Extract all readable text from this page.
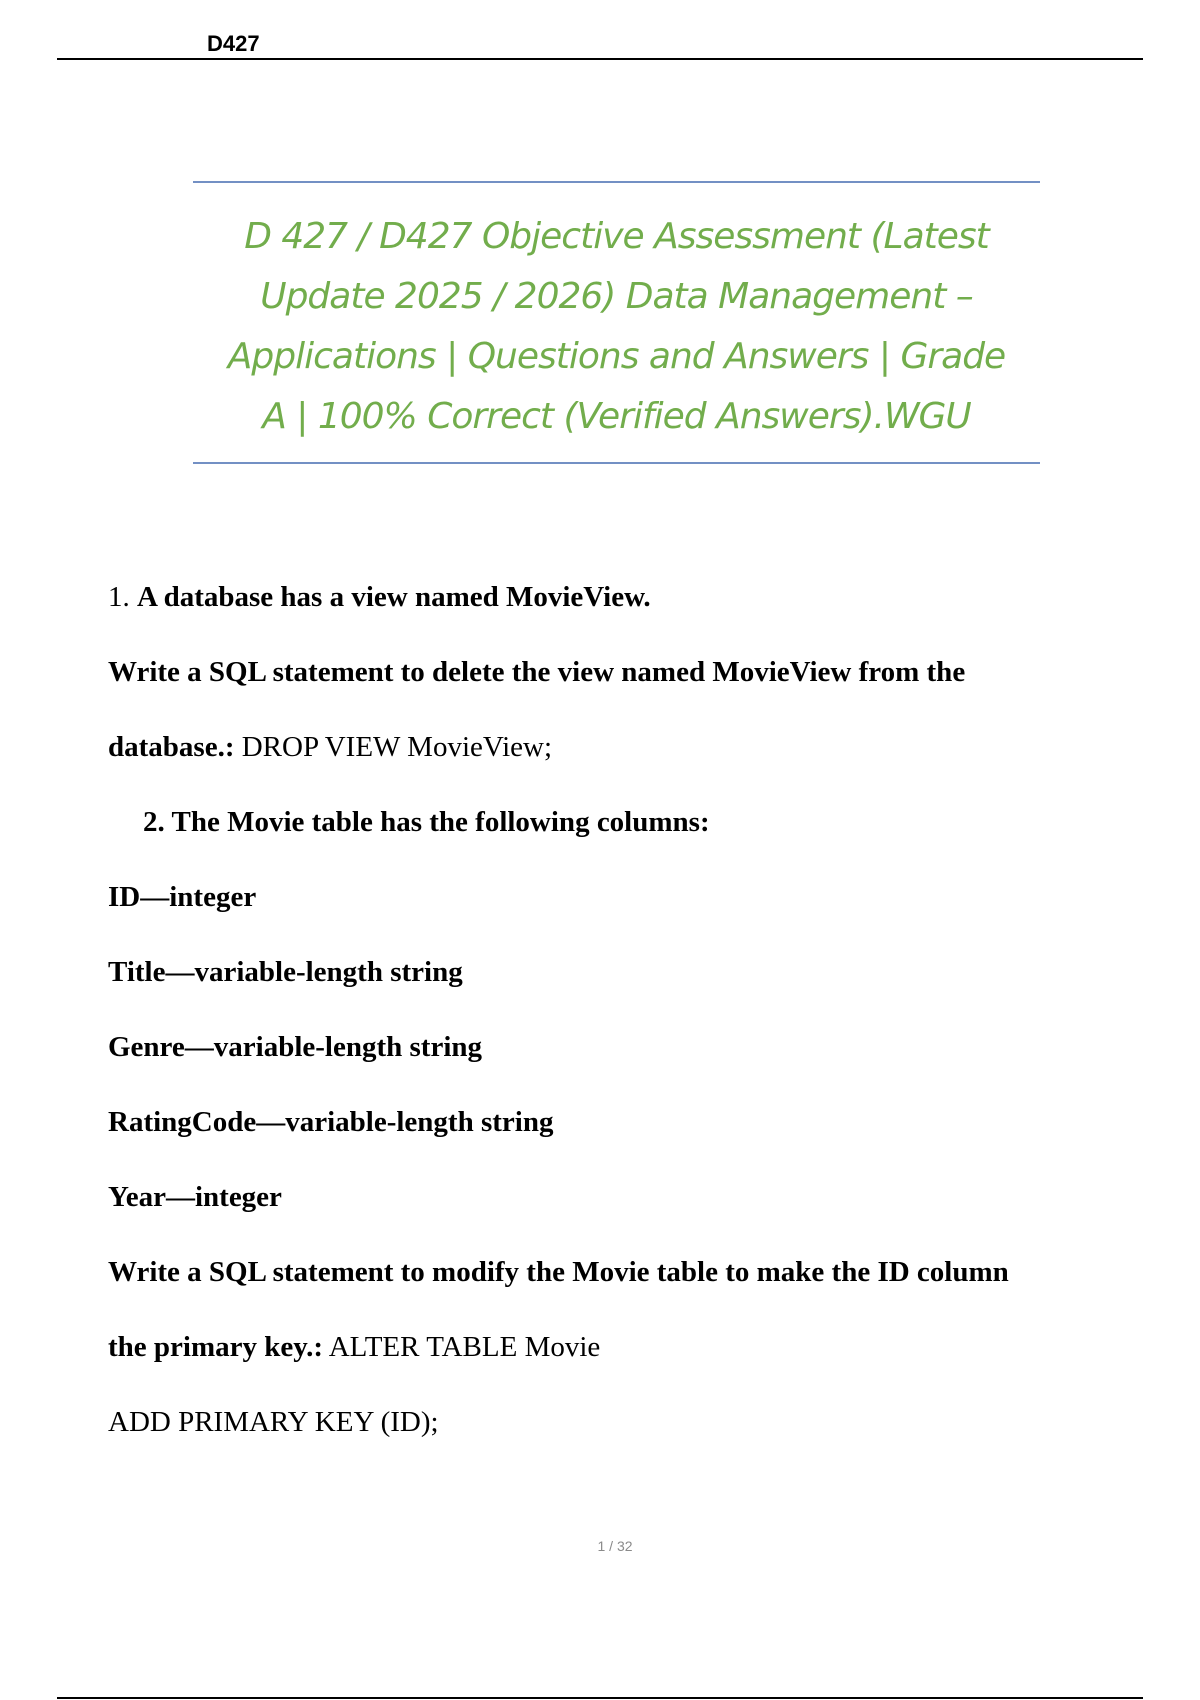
D427
D 427 / D427 Objective Assessment (Latest
Update 2025 / 2026) Data Management –
Applications | Questions and Answers | Grade
A | 100% Correct (Verified Answers).WGU
1. A database has a view named MovieView.
Write a SQL statement to delete the view named MovieView from the
database.: DROP VIEW MovieView;
2. The Movie table has the following columns:
ID—integer
Title—variable-length string
Genre—variable-length string
RatingCode—variable-length string
Year—integer
Write a SQL statement to modify the Movie table to make the ID column
the primary key.: ALTER TABLE Movie
ADD PRIMARY KEY (ID);
1 / 32
